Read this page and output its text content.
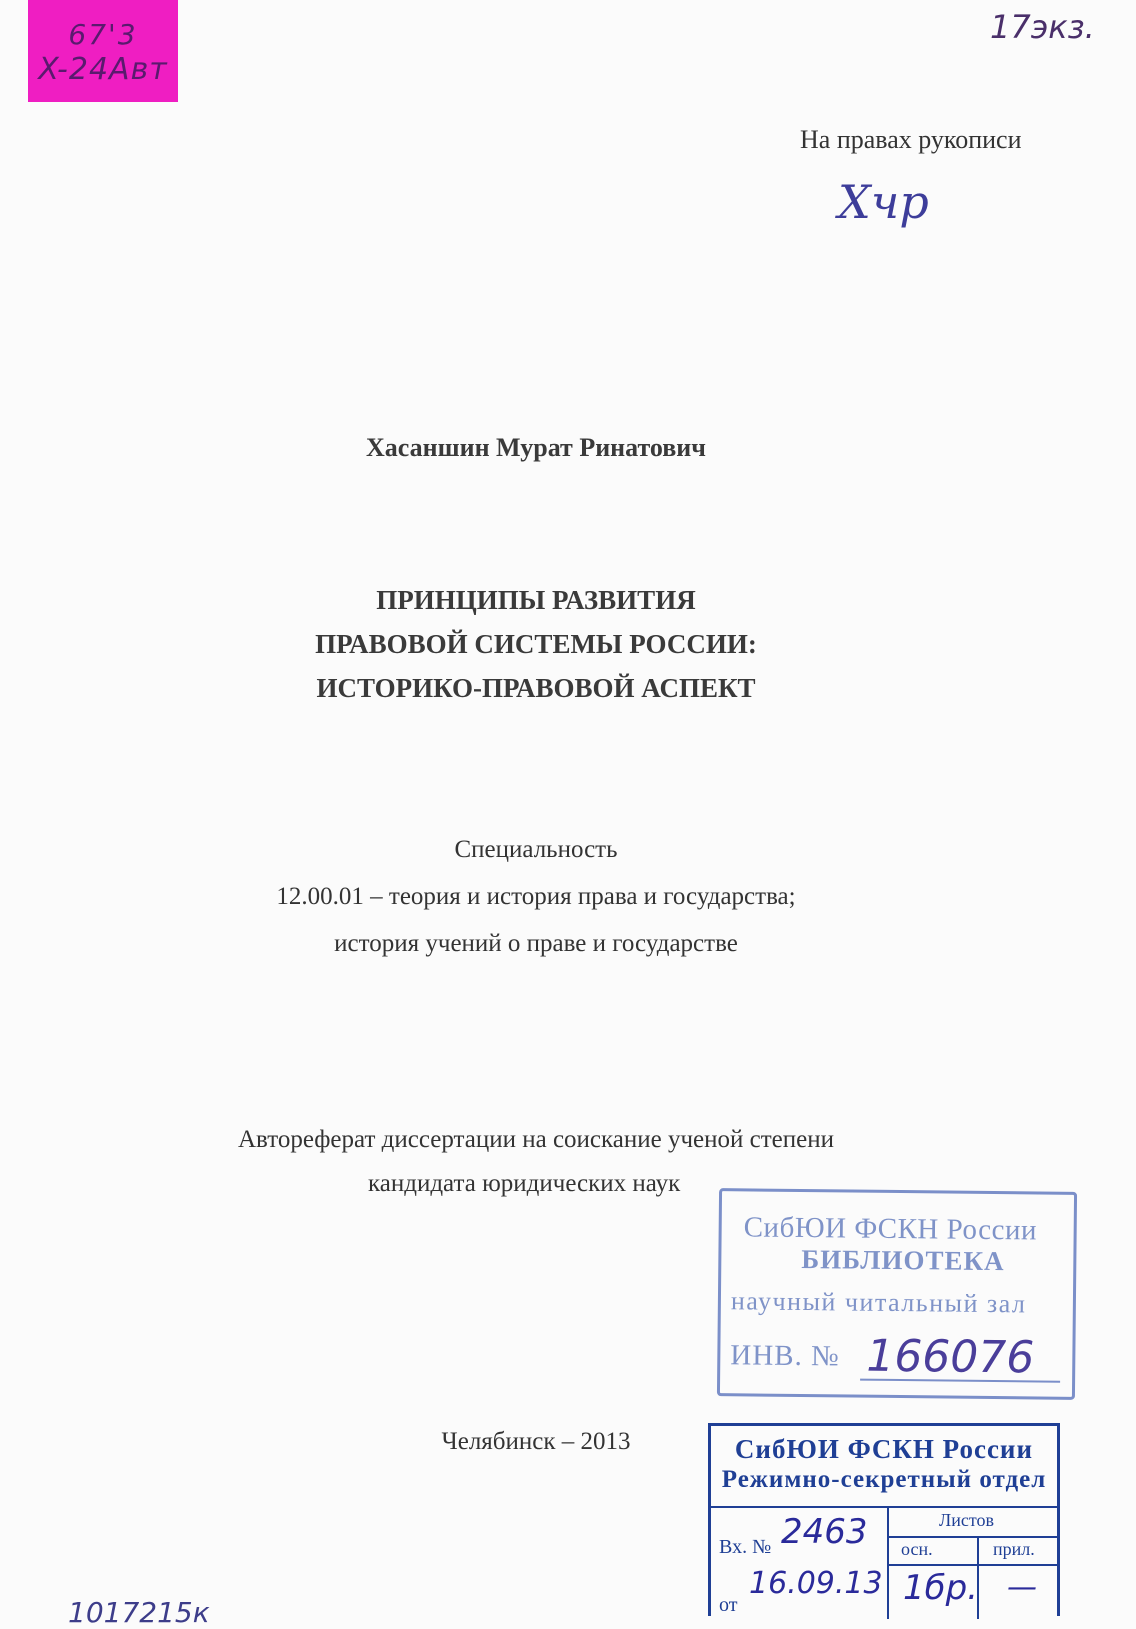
67'3
X-24Авт
17экз.
На правах рукописи
Хчр
Хасаншин Мурат Ринатович
ПРИНЦИПЫ РАЗВИТИЯ
ПРАВОВОЙ СИСТЕМЫ РОССИИ:
ИСТОРИКО-ПРАВОВОЙ АСПЕКТ
Специальность
12.00.01 – теория и история права и государства;
история учений о праве и государстве
Автореферат диссертации на соискание ученой степени
кандидата юридических наук
СибЮИ ФСКН России
БИБЛИОТЕКА
научный читальный зал
ИНВ. № 166076
Челябинск – 2013	СибЮИ ФСКН России
Режимно-секретный отдел
Листов
осн.	прил.
Вх. № 2463
от
16.09.13 1бр. —
1017215к
